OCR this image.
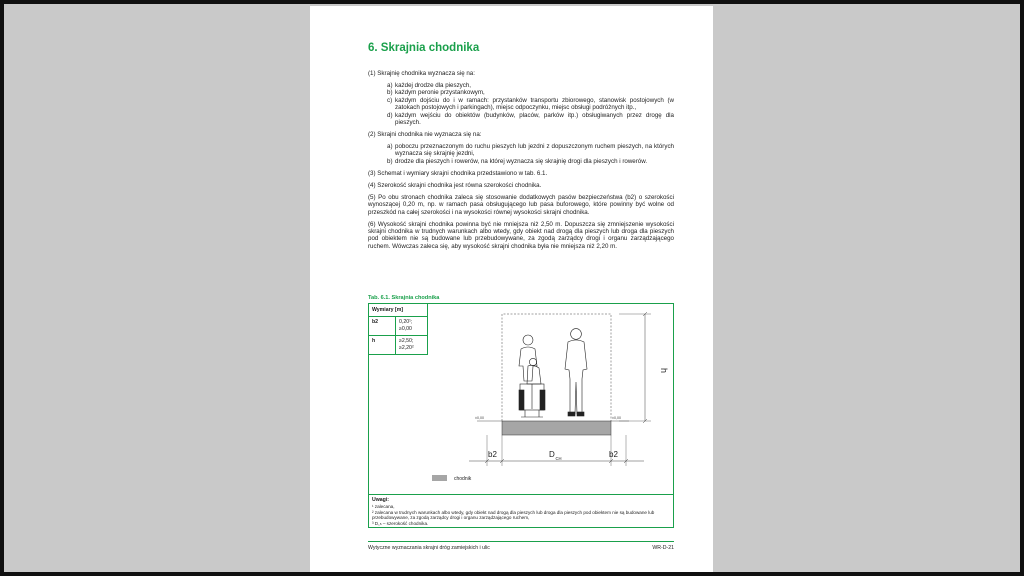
6. Skrajnia chodnika

(1) Skrajnię chodnika wyznacza się na:

a) każdej drodze dla pieszych,
b) każdym peronie przystankowym,
c) każdym dojściu do i w ramach: przystanków transportu zbiorowego, stanowisk postojowych (w zatokach postojowych i parkingach), miejsc odpoczynku, miejsc obsługi podróżnych itp.,
d) każdym wejściu do obiektów (budynków, placów, parków itp.) obsługiwanych przez drogę dla pieszych.

(2) Skrajni chodnika nie wyznacza się na:

a) poboczu przeznaczonym do ruchu pieszych lub jezdni z dopuszczonym ruchem pieszych, na których wyznacza się skrajnię jezdni,
b) drodze dla pieszych i rowerów, na której wyznacza się skrajnię drogi dla pieszych i rowerów.

(3) Schemat i wymiary skrajni chodnika przedstawiono w tab. 6.1.

(4) Szerokość skrajni chodnika jest równa szerokości chodnika.

(5) Po obu stronach chodnika zaleca się stosowanie dodatkowych pasów bezpieczeństwa (b2) o szerokości wynoszącej 0,20 m, np. w ramach pasa obsługującego lub pasa buforowego, które powinny być wolne od przeszkód na całej szerokości i na wysokości równej wysokości skrajni chodnika.

(6) Wysokość skrajni chodnika powinna być nie mniejsza niż 2,50 m. Dopuszcza się zmniejszenie wysokości skrajni chodnika w trudnych warunkach albo wtedy, gdy obiekt nad drogą dla pieszych lub droga dla pieszych pod obiektem nie są budowane lub przebudowywane, za zgodą zarządcy drogi i organu zarządzającego ruchem. Wówczas zaleca się, aby wysokość skrajni chodnika była nie mniejsza niż 2,20 m.

Tab. 6.1. Skrajnia chodnika
Wymiary [m]	
b2	0,20¹;
≥0,00
h	≥2,50;
≥2,20²
h
±0,00	±0,00
b2	D CH	b2
chodnik
Uwagi:
¹ zalecana,
² zalecana w trudnych warunkach albo wtedy, gdy obiekt nad drogą dla pieszych lub droga dla pieszych pod obiektem nie są budowane lub przebudowywane, za zgodą zarządcy drogi i organu zarządzającego ruchem,
³ D꜀ₕ – szerokość chodnika.
Wytyczne wyznaczania skrajni dróg zamiejskich i ulic	WR-D-21
